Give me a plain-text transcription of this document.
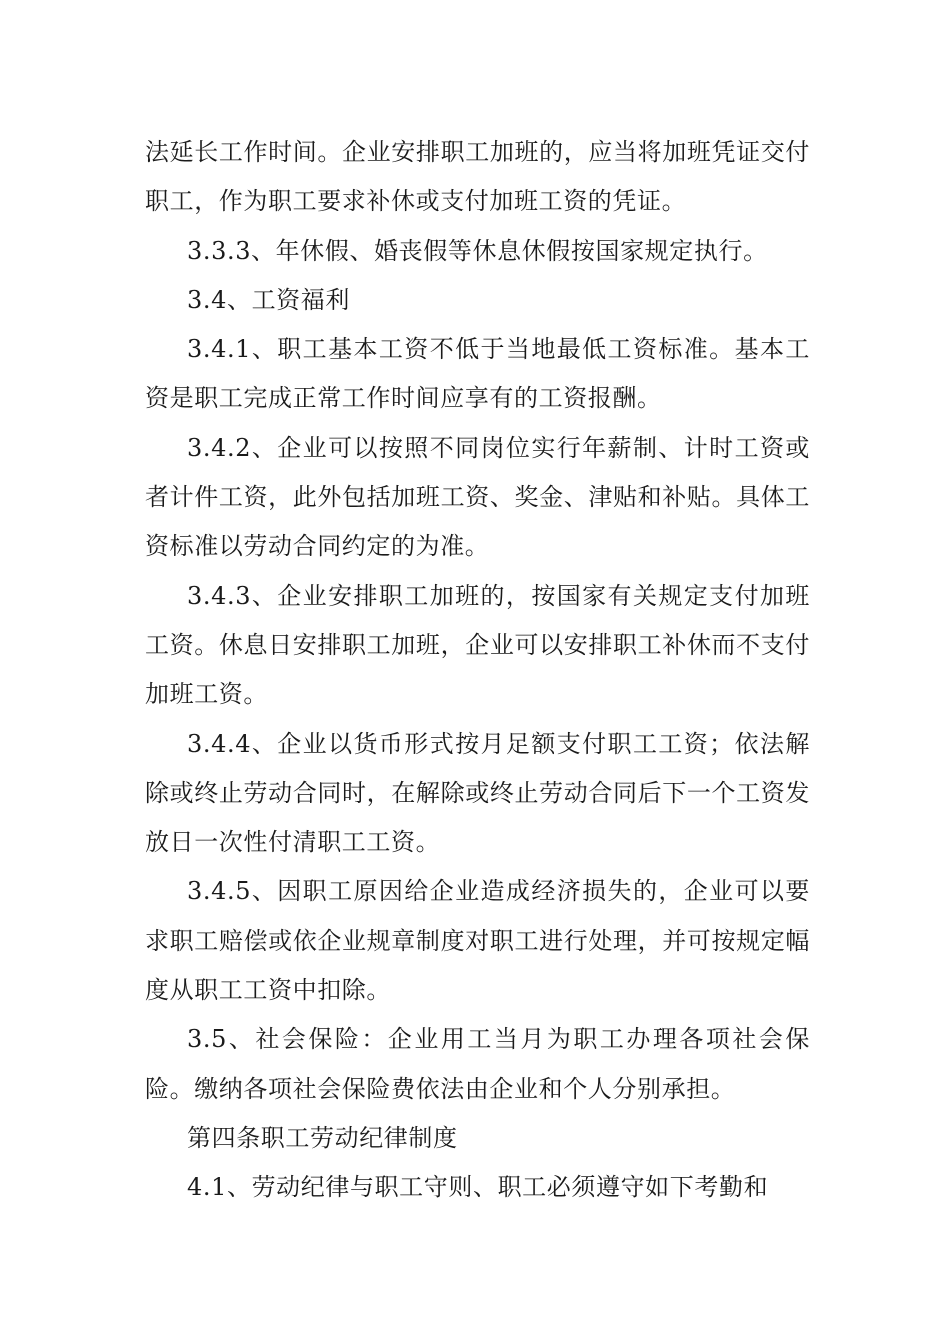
法延长工作时间。企业安排职工加班的，应当将加班凭证交付职工，作为职工要求补休或支付加班工资的凭证。

3.3.3、年休假、婚丧假等休息休假按国家规定执行。

3.4、工资福利

3.4.1、职工基本工资不低于当地最低工资标准。基本工资是职工完成正常工作时间应享有的工资报酬。

3.4.2、企业可以按照不同岗位实行年薪制、计时工资或者计件工资，此外包括加班工资、奖金、津贴和补贴。具体工资标准以劳动合同约定的为准。

3.4.3、企业安排职工加班的，按国家有关规定支付加班工资。休息日安排职工加班，企业可以安排职工补休而不支付加班工资。

3.4.4、企业以货币形式按月足额支付职工工资；依法解除或终止劳动合同时，在解除或终止劳动合同后下一个工资发放日一次性付清职工工资。

3.4.5、因职工原因给企业造成经济损失的，企业可以要求职工赔偿或依企业规章制度对职工进行处理，并可按规定幅度从职工工资中扣除。

3.5、社会保险：企业用工当月为职工办理各项社会保险。缴纳各项社会保险费依法由企业和个人分别承担。

第四条职工劳动纪律制度

4.1、劳动纪律与职工守则、职工必须遵守如下考勤和
